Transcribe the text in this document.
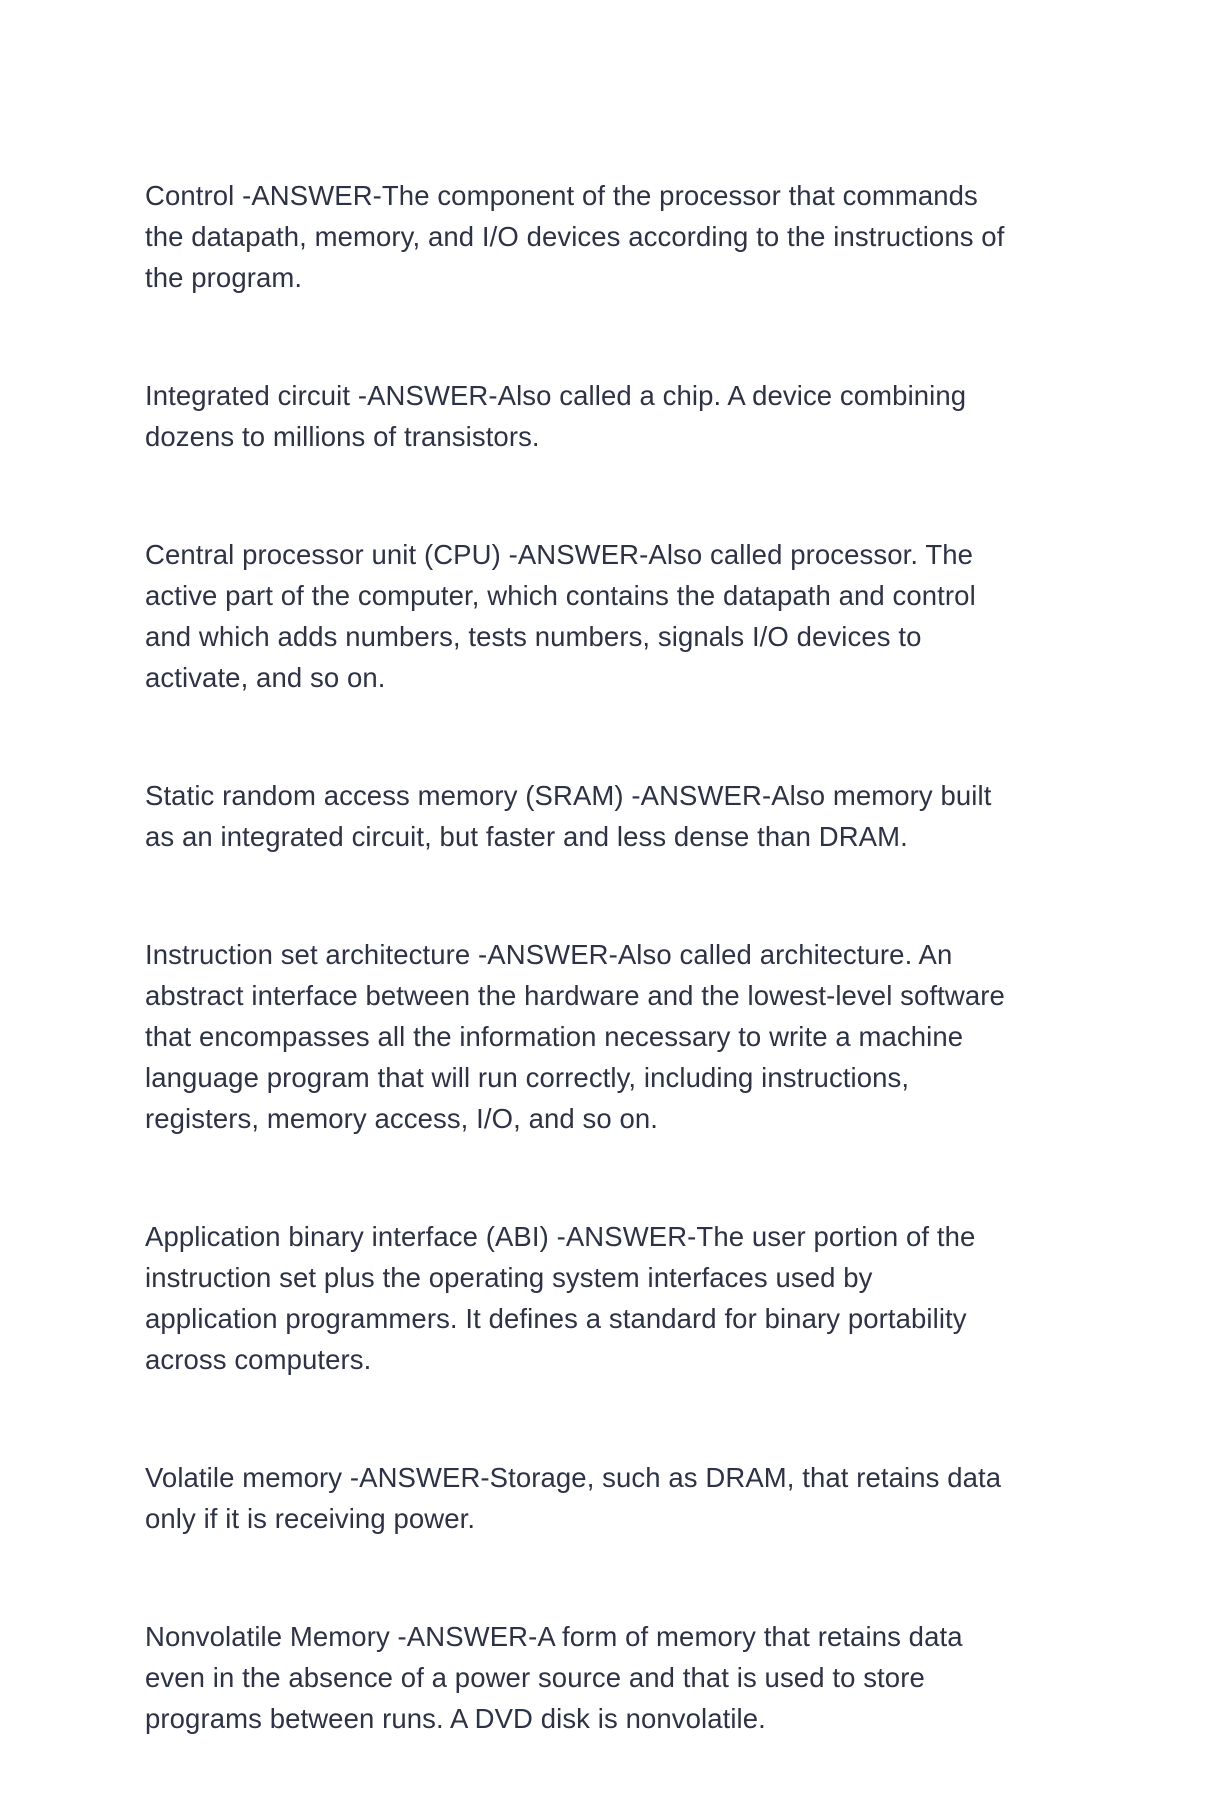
Control -ANSWER-The component of the processor that commands
the datapath, memory, and I/O devices according to the instructions of
the program.

Integrated circuit -ANSWER-Also called a chip. A device combining
dozens to millions of transistors.

Central processor unit (CPU) -ANSWER-Also called processor. The
active part of the computer, which contains the datapath and control
and which adds numbers, tests numbers, signals I/O devices to
activate, and so on.

Static random access memory (SRAM) -ANSWER-Also memory built
as an integrated circuit, but faster and less dense than DRAM.

Instruction set architecture -ANSWER-Also called architecture. An
abstract interface between the hardware and the lowest-level software
that encompasses all the information necessary to write a machine
language program that will run correctly, including instructions,
registers, memory access, I/O, and so on.

Application binary interface (ABI) -ANSWER-The user portion of the
instruction set plus the operating system interfaces used by
application programmers. It defines a standard for binary portability
across computers.

Volatile memory -ANSWER-Storage, such as DRAM, that retains data
only if it is receiving power.

Nonvolatile Memory -ANSWER-A form of memory that retains data
even in the absence of a power source and that is used to store
programs between runs. A DVD disk is nonvolatile.
